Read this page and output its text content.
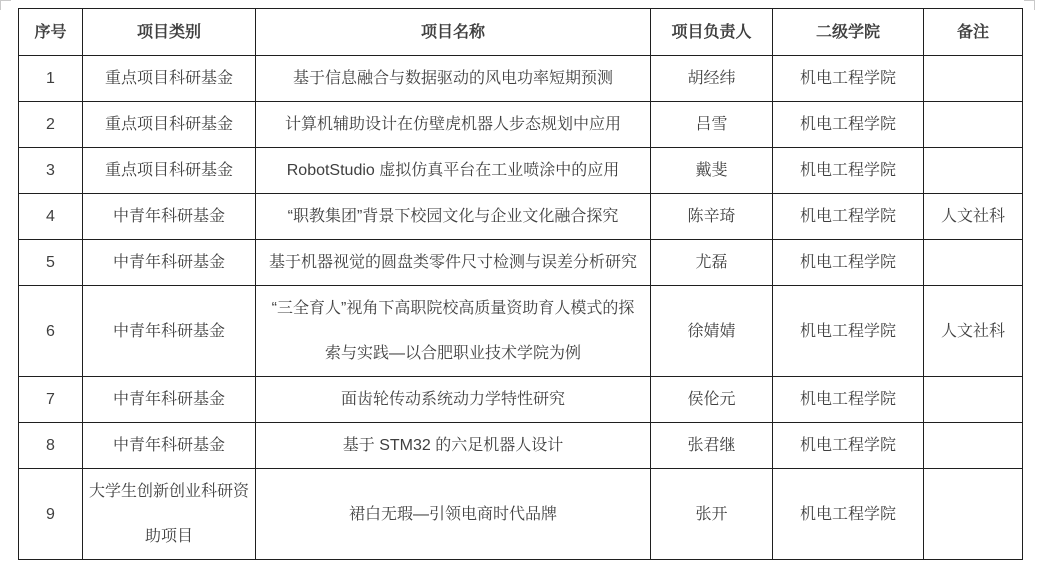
序号	项目类别	项目名称	项目负责人	二级学院	备注
1	重点项目科研基金	基于信息融合与数据驱动的风电功率短期预测	胡经纬	机电工程学院	
2	重点项目科研基金	计算机辅助设计在仿壁虎机器人步态规划中应用	吕雪	机电工程学院	
3	重点项目科研基金	RobotStudio 虚拟仿真平台在工业喷涂中的应用	戴斐	机电工程学院	
4	中青年科研基金	“职教集团”背景下校园文化与企业文化融合探究	陈辛琦	机电工程学院	人文社科
5	中青年科研基金	基于机器视觉的圆盘类零件尺寸检测与误差分析研究	尤磊	机电工程学院	
6	中青年科研基金	“三全育人”视角下高职院校高质量资助育人模式的探索与实践—以合肥职业技术学院为例	徐婧婧	机电工程学院	人文社科
7	中青年科研基金	面齿轮传动系统动力学特性研究	侯伦元	机电工程学院	
8	中青年科研基金	基于 STM32 的六足机器人设计	张君继	机电工程学院	
9	大学生创新创业科研资助项目	裙白无瑕—引领电商时代品牌	张开	机电工程学院	
